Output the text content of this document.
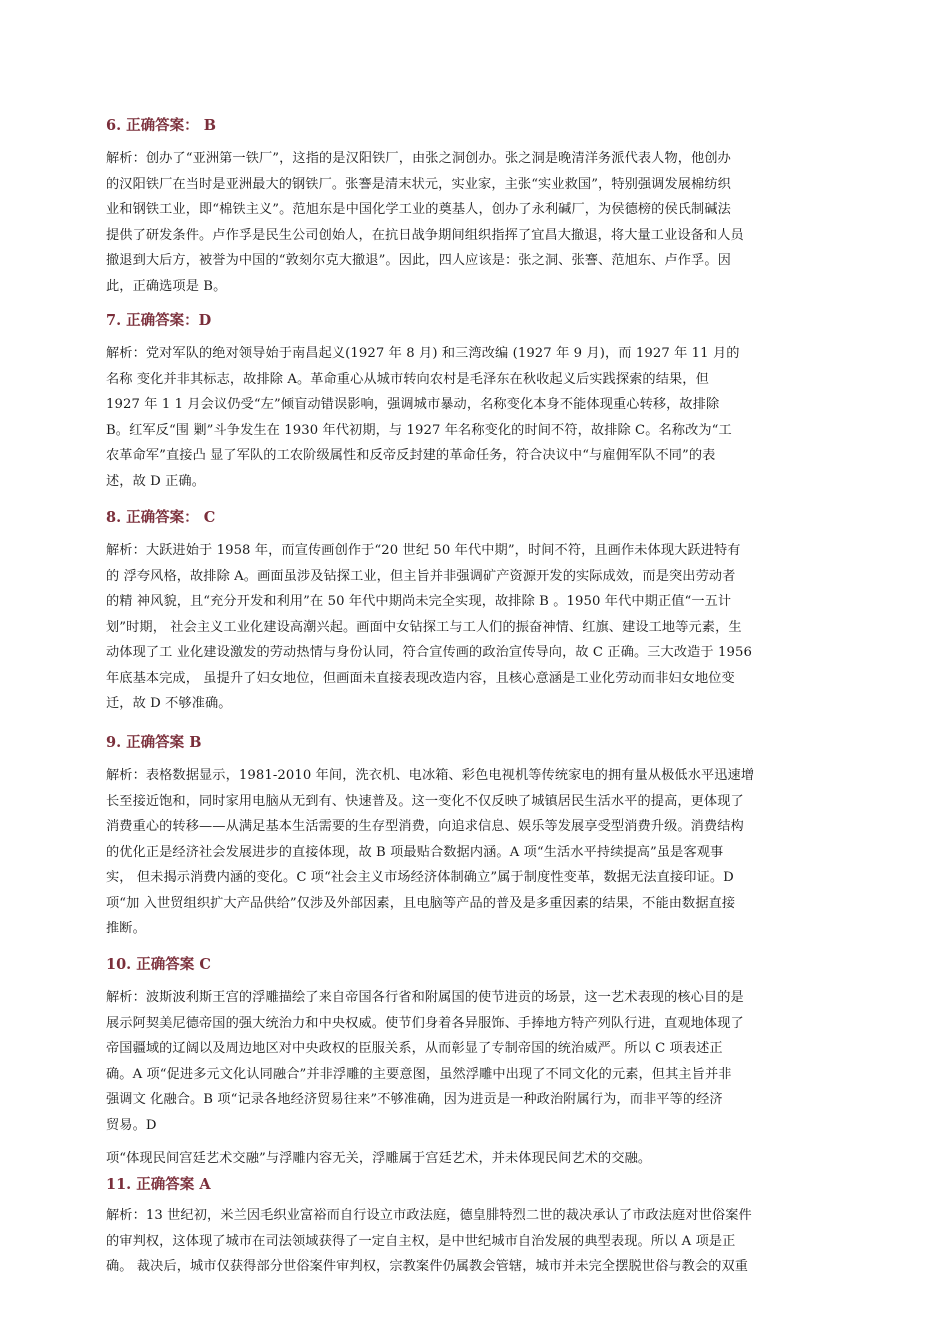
6. 正确答案： B

解析：创办了“亚洲第一铁厂”，这指的是汉阳铁厂，由张之洞创办。张之洞是晚清洋务派代表人物，他创办
的汉阳铁厂在当时是亚洲最大的钢铁厂。张謇是清末状元，实业家，主张“实业救国”，特别强调发展棉纺织
业和钢铁工业，即“棉铁主义”。范旭东是中国化学工业的奠基人，创办了永利碱厂，为侯德榜的侯氏制碱法
提供了研发条件。卢作孚是民生公司创始人，在抗日战争期间组织指挥了宜昌大撤退，将大量工业设备和人员
撤退到大后方，被誉为中国的“敦刻尔克大撤退”。因此，四人应该是：张之洞、张謇、范旭东、卢作孚。因
此，正确选项是 B。

7. 正确答案：D

解析：党对军队的绝对领导始于南昌起义(1927 年 8 月) 和三湾改编 (1927 年 9 月)，而 1927 年 11 月的
名称 变化并非其标志，故排除 A。革命重心从城市转向农村是毛泽东在秋收起义后实践探索的结果，但
1927 年 1 1 月会议仍受“左”倾盲动错误影响，强调城市暴动，名称变化本身不能体现重心转移，故排除
B。红军反“围 剿”斗争发生在 1930 年代初期，与 1927 年名称变化的时间不符，故排除 C。名称改为“工
农革命军”直接凸 显了军队的工农阶级属性和反帝反封建的革命任务，符合决议中“与雇佣军队不同”的表
述，故 D 正确。

8. 正确答案： C

解析：大跃进始于 1958 年，而宣传画创作于“20 世纪 50 年代中期”，时间不符，且画作未体现大跃进特有
的 浮夸风格，故排除 A。画面虽涉及钻探工业，但主旨并非强调矿产资源开发的实际成效，而是突出劳动者
的精 神风貌，且“充分开发和利用”在 50 年代中期尚未完全实现，故排除 B 。1950 年代中期正值“一五计
划”时期， 社会主义工业化建设高潮兴起。画面中女钻探工与工人们的振奋神情、红旗、建设工地等元素，生
动体现了工 业化建设激发的劳动热情与身份认同，符合宣传画的政治宣传导向，故 C 正确。三大改造于 1956
年底基本完成， 虽提升了妇女地位，但画面未直接表现改造内容，且核心意涵是工业化劳动而非妇女地位变
迁，故 D 不够准确。

9. 正确答案 B

解析：表格数据显示，1981-2010 年间，洗衣机、电冰箱、彩色电视机等传统家电的拥有量从极低水平迅速增
长至接近饱和，同时家用电脑从无到有、快速普及。这一变化不仅反映了城镇居民生活水平的提高，更体现了
消费重心的转移——从满足基本生活需要的生存型消费，向追求信息、娱乐等发展享受型消费升级。消费结构
的优化正是经济社会发展进步的直接体现，故 B 项最贴合数据内涵。A 项“生活水平持续提高”虽是客观事
实， 但未揭示消费内涵的变化。C 项“社会主义市场经济体制确立”属于制度性变革，数据无法直接印证。D
项“加 入世贸组织扩大产品供给”仅涉及外部因素，且电脑等产品的普及是多重因素的结果，不能由数据直接
推断。

10. 正确答案 C

解析：波斯波利斯王宫的浮雕描绘了来自帝国各行省和附属国的使节进贡的场景，这一艺术表现的核心目的是
展示阿契美尼德帝国的强大统治力和中央权威。使节们身着各异服饰、手捧地方特产列队行进，直观地体现了
帝国疆域的辽阔以及周边地区对中央政权的臣服关系，从而彰显了专制帝国的统治威严。所以 C 项表述正
确。A 项“促进多元文化认同融合”并非浮雕的主要意图，虽然浮雕中出现了不同文化的元素，但其主旨并非
强调文 化融合。B 项“记录各地经济贸易往来”不够准确，因为进贡是一种政治附属行为，而非平等的经济
贸易。D
项“体现民间宫廷艺术交融”与浮雕内容无关，浮雕属于宫廷艺术，并未体现民间艺术的交融。

11. 正确答案 A

解析：13 世纪初，米兰因毛织业富裕而自行设立市政法庭，德皇腓特烈二世的裁决承认了市政法庭对世俗案件
的审判权，这体现了城市在司法领域获得了一定自主权，是中世纪城市自治发展的典型表现。所以 A 项是正
确。 裁决后，城市仅获得部分世俗案件审判权，宗教案件仍属教会管辖，城市并未完全摆脱世俗与教会的双重
